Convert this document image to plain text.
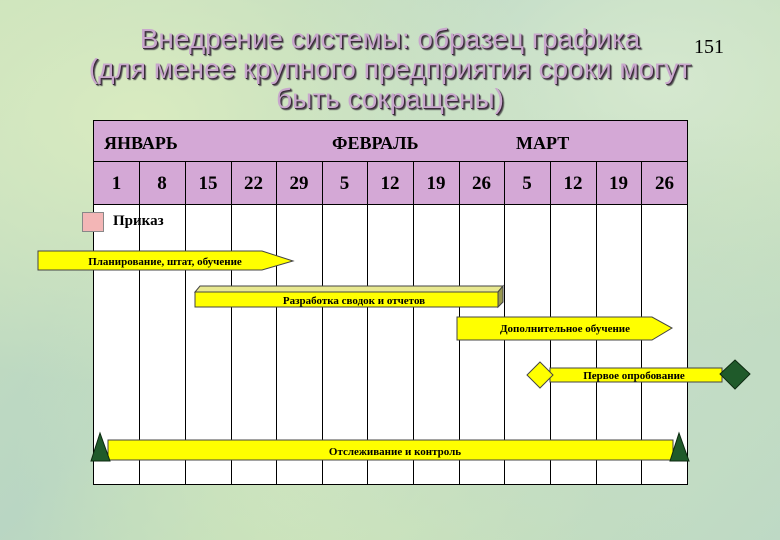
Внедрение системы: образец графика
(для менее крупного предприятия сроки могут
быть сокращены)
151
ЯНВАРЬ	ФЕВРАЛЬ	МАРТ
1	8	15	22	29	5	12	19	26	5	12	19	26
Приказ
Планирование, штат, обучение
Разработка сводок и отчетов
Дополнительное обучение
Первое опробование
Отслеживание и контроль
